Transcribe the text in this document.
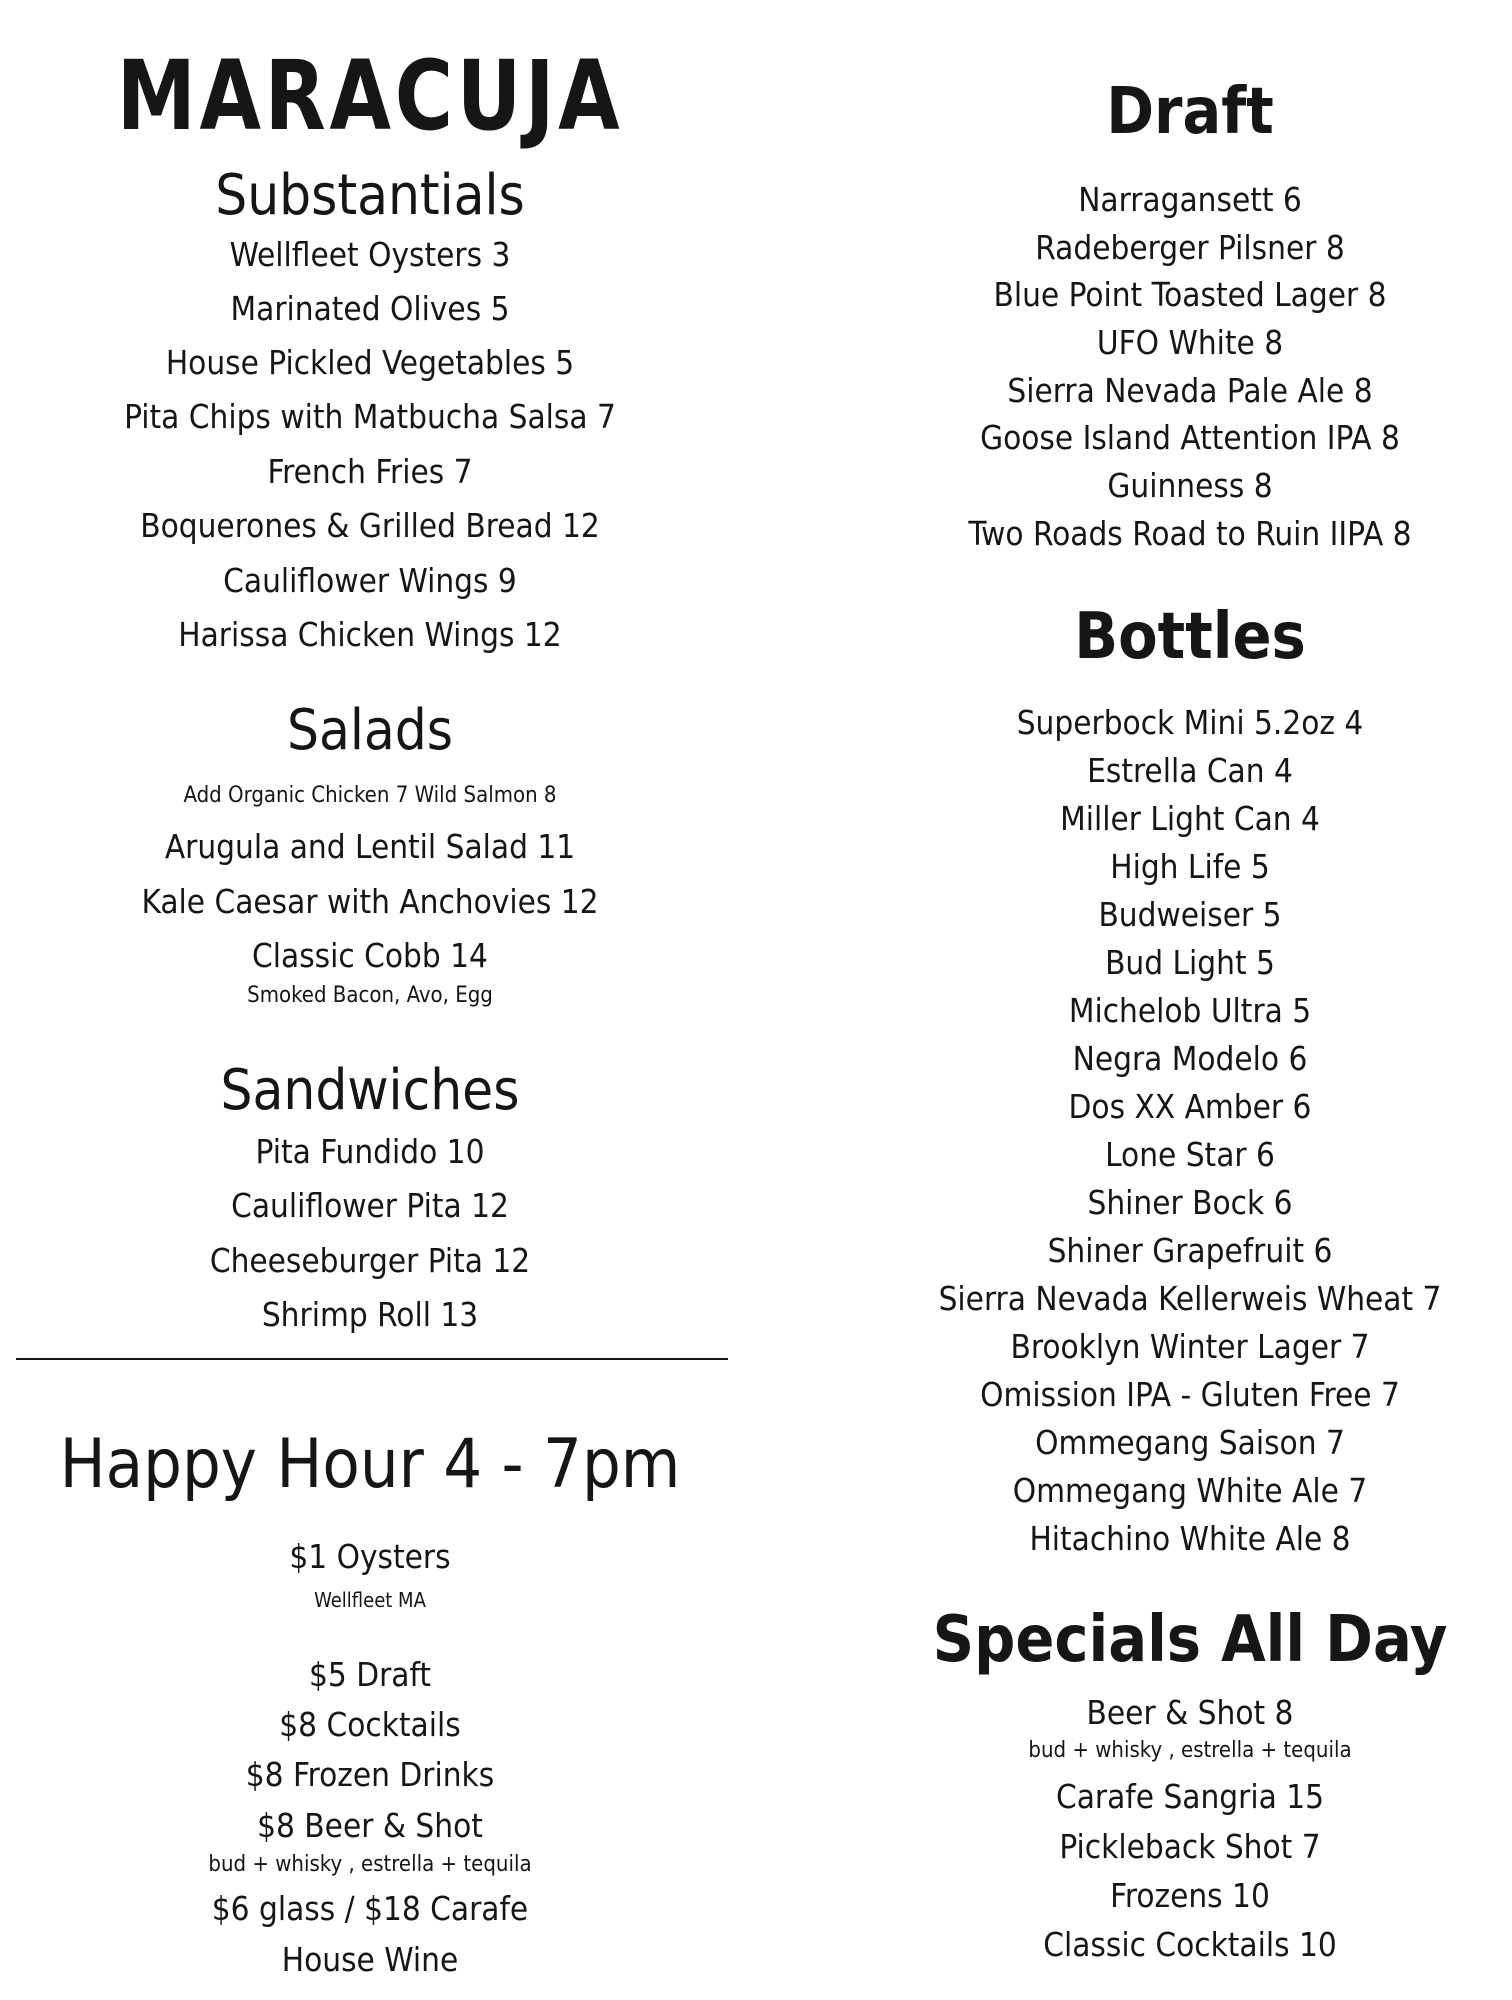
MARACUJA
Substantials
Wellfleet Oysters 3
Marinated Olives 5
House Pickled Vegetables 5
Pita Chips with Matbucha Salsa 7
French Fries 7
Boquerones & Grilled Bread 12
Cauliflower Wings 9
Harissa Chicken Wings 12
Salads
Add Organic Chicken 7 Wild Salmon 8
Arugula and Lentil Salad 11
Kale Caesar with Anchovies 12
Classic Cobb 14
Smoked Bacon, Avo, Egg
Sandwiches
Pita Fundido 10
Cauliflower Pita 12
Cheeseburger Pita 12
Shrimp Roll 13
Happy Hour 4 - 7pm
$1 Oysters
Wellfleet MA
$5 Draft
$8 Cocktails
$8 Frozen Drinks
$8 Beer & Shot
bud + whisky , estrella + tequila
$6 glass / $18 Carafe
House Wine
Draft
Narragansett 6
Radeberger Pilsner 8
Blue Point Toasted Lager 8
UFO White 8
Sierra Nevada Pale Ale 8
Goose Island Attention IPA 8
Guinness 8
Two Roads Road to Ruin IIPA 8
Bottles
Superbock Mini 5.2oz 4
Estrella Can 4
Miller Light Can 4
High Life 5
Budweiser 5
Bud Light 5
Michelob Ultra 5
Negra Modelo 6
Dos XX Amber 6
Lone Star 6
Shiner Bock 6
Shiner Grapefruit 6
Sierra Nevada Kellerweis Wheat 7
Brooklyn Winter Lager 7
Omission IPA - Gluten Free 7
Ommegang Saison 7
Ommegang White Ale 7
Hitachino White Ale 8
Specials All Day
Beer & Shot 8
bud + whisky , estrella + tequila
Carafe Sangria 15
Pickleback Shot 7
Frozens 10
Classic Cocktails 10
